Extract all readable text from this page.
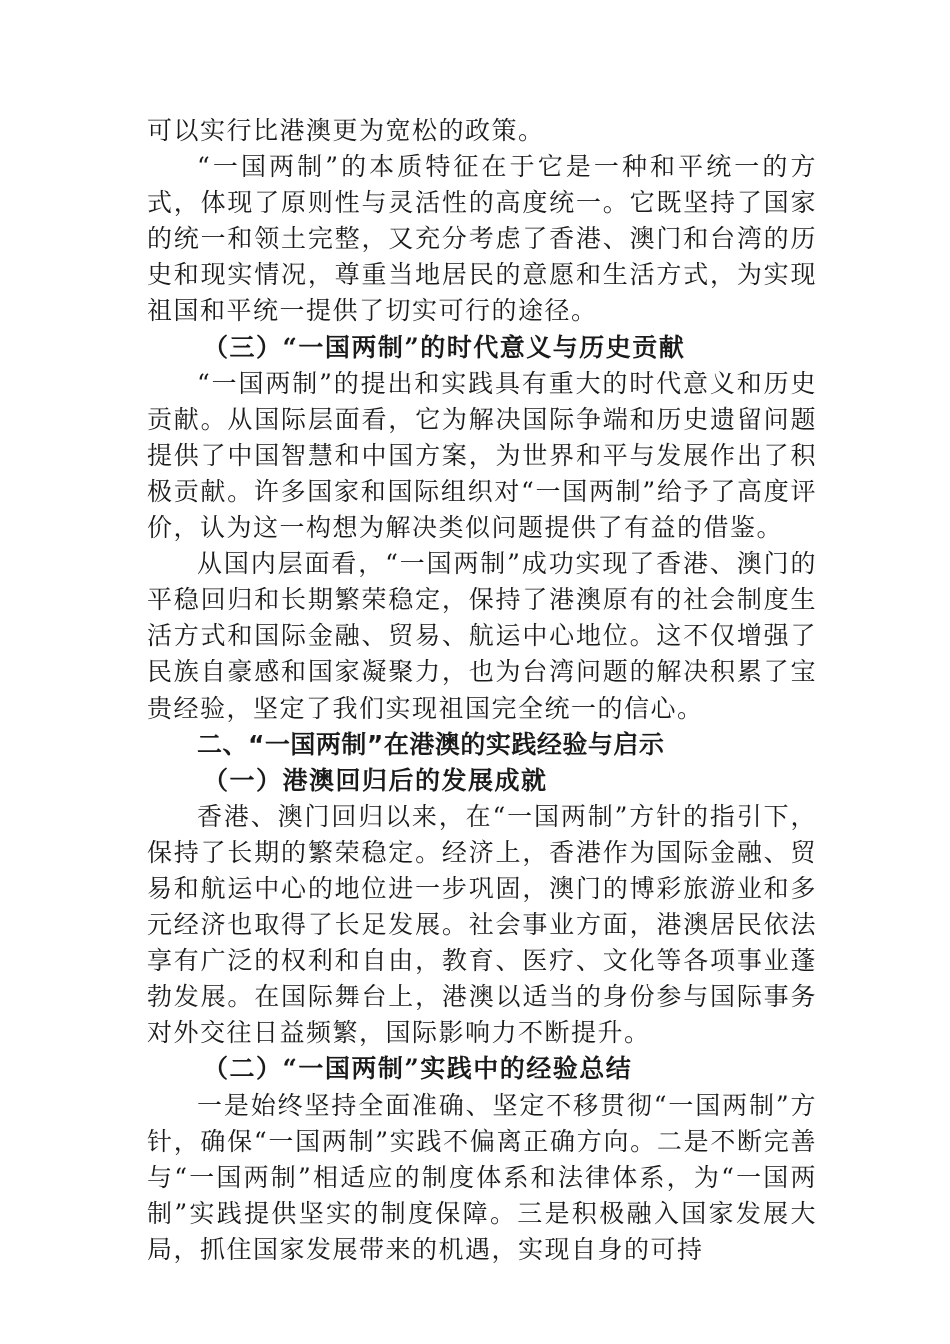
可以实行比港澳更为宽松的政策。

“一国两制”的本质特征在于它是一种和平统一的方式，体现了原则性与灵活性的高度统一。它既坚持了国家的统一和领土完整，又充分考虑了香港、澳门和台湾的历史和现实情况，尊重当地居民的意愿和生活方式，为实现祖国和平统一提供了切实可行的途径。

（三）“一国两制”的时代意义与历史贡献

“一国两制”的提出和实践具有重大的时代意义和历史贡献。从国际层面看，它为解决国际争端和历史遗留问题提供了中国智慧和中国方案，为世界和平与发展作出了积极贡献。许多国家和国际组织对“一国两制”给予了高度评价，认为这一构想为解决类似问题提供了有益的借鉴。

从国内层面看，“一国两制”成功实现了香港、澳门的平稳回归和长期繁荣稳定，保持了港澳原有的社会制度生活方式和国际金融、贸易、航运中心地位。这不仅增强了民族自豪感和国家凝聚力，也为台湾问题的解决积累了宝贵经验，坚定了我们实现祖国完全统一的信心。

二、“一国两制”在港澳的实践经验与启示

（一）港澳回归后的发展成就

香港、澳门回归以来，在“一国两制”方针的指引下，保持了长期的繁荣稳定。经济上，香港作为国际金融、贸易和航运中心的地位进一步巩固，澳门的博彩旅游业和多元经济也取得了长足发展。社会事业方面，港澳居民依法享有广泛的权利和自由，教育、医疗、文化等各项事业蓬勃发展。在国际舞台上，港澳以适当的身份参与国际事务对外交往日益频繁，国际影响力不断提升。

（二）“一国两制”实践中的经验总结

一是始终坚持全面准确、坚定不移贯彻“一国两制”方针，确保“一国两制”实践不偏离正确方向。二是不断完善与“一国两制”相适应的制度体系和法律体系，为“一国两制”实践提供坚实的制度保障。三是积极融入国家发展大局，抓住国家发展带来的机遇，实现自身的可持
